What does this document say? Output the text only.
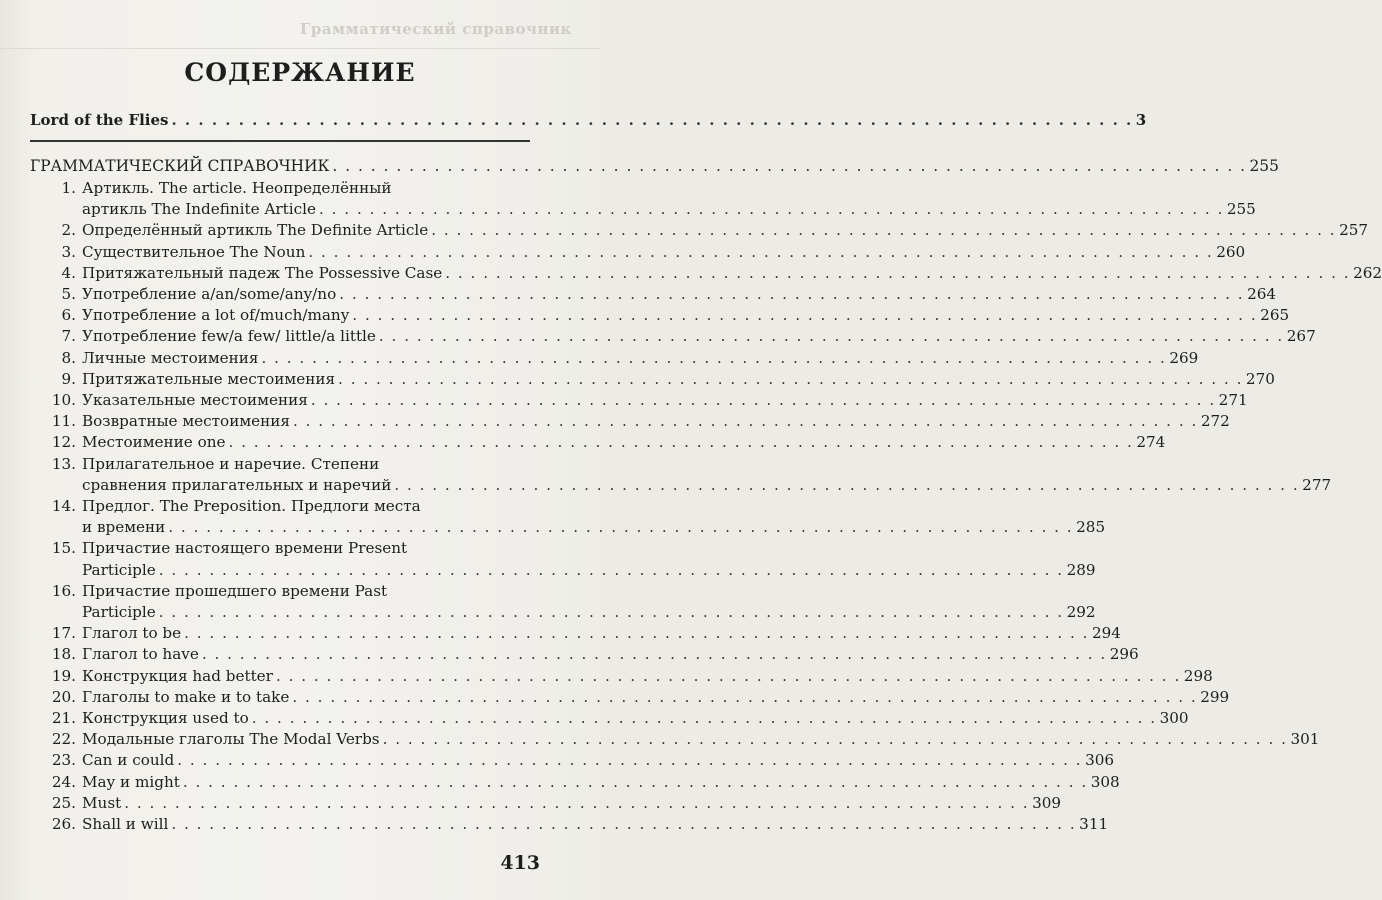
Грамматический справочник
СОДЕРЖАНИЕ
Lord of the Flies . . .	3
ГРАММАТИЧЕСКИЙ СПРАВОЧНИК . . .	255
1. Артикль. The article. Неопределённый
артикль The Indefinite Article . . .	255
2. Определённый артикль The Definite Article . . .	257
3. Существительное The Noun . . .	260
4. Притяжательный падеж The Possessive Case . . .	262
5. Употребление a/an/some/any/no . . .	264
6. Употребление a lot of/much/many . . .	265
7. Употребление few/a few/ little/a little . . .	267
8. Личные местоимения . . .	269
9. Притяжательные местоимения . . .	270
10. Указательные местоимения . . .	271
11. Возвратные местоимения . . .	272
12. Местоимение one . . .	274
13. Прилагательное и наречие. Степени
сравнения прилагательных и наречий . . .	277
14. Предлог. The Preposition. Предлоги места
и времени . . .	285
15. Причастие настоящего времени Present
Participle . . .	289
16. Причастие прошедшего времени Past
Participle . . .	292
17. Глагол to be . . .	294
18. Глагол to have . . .	296
19. Конструкция had better . . .	298
20. Глаголы to make и to take . . .	299
21. Конструкция used to . . .	300
22. Модальные глаголы The Modal Verbs . . .	301
23. Can и could . . .	306
24. May и might . . .	308
25. Must . . .	309
26. Shall и will . . .	311
413
